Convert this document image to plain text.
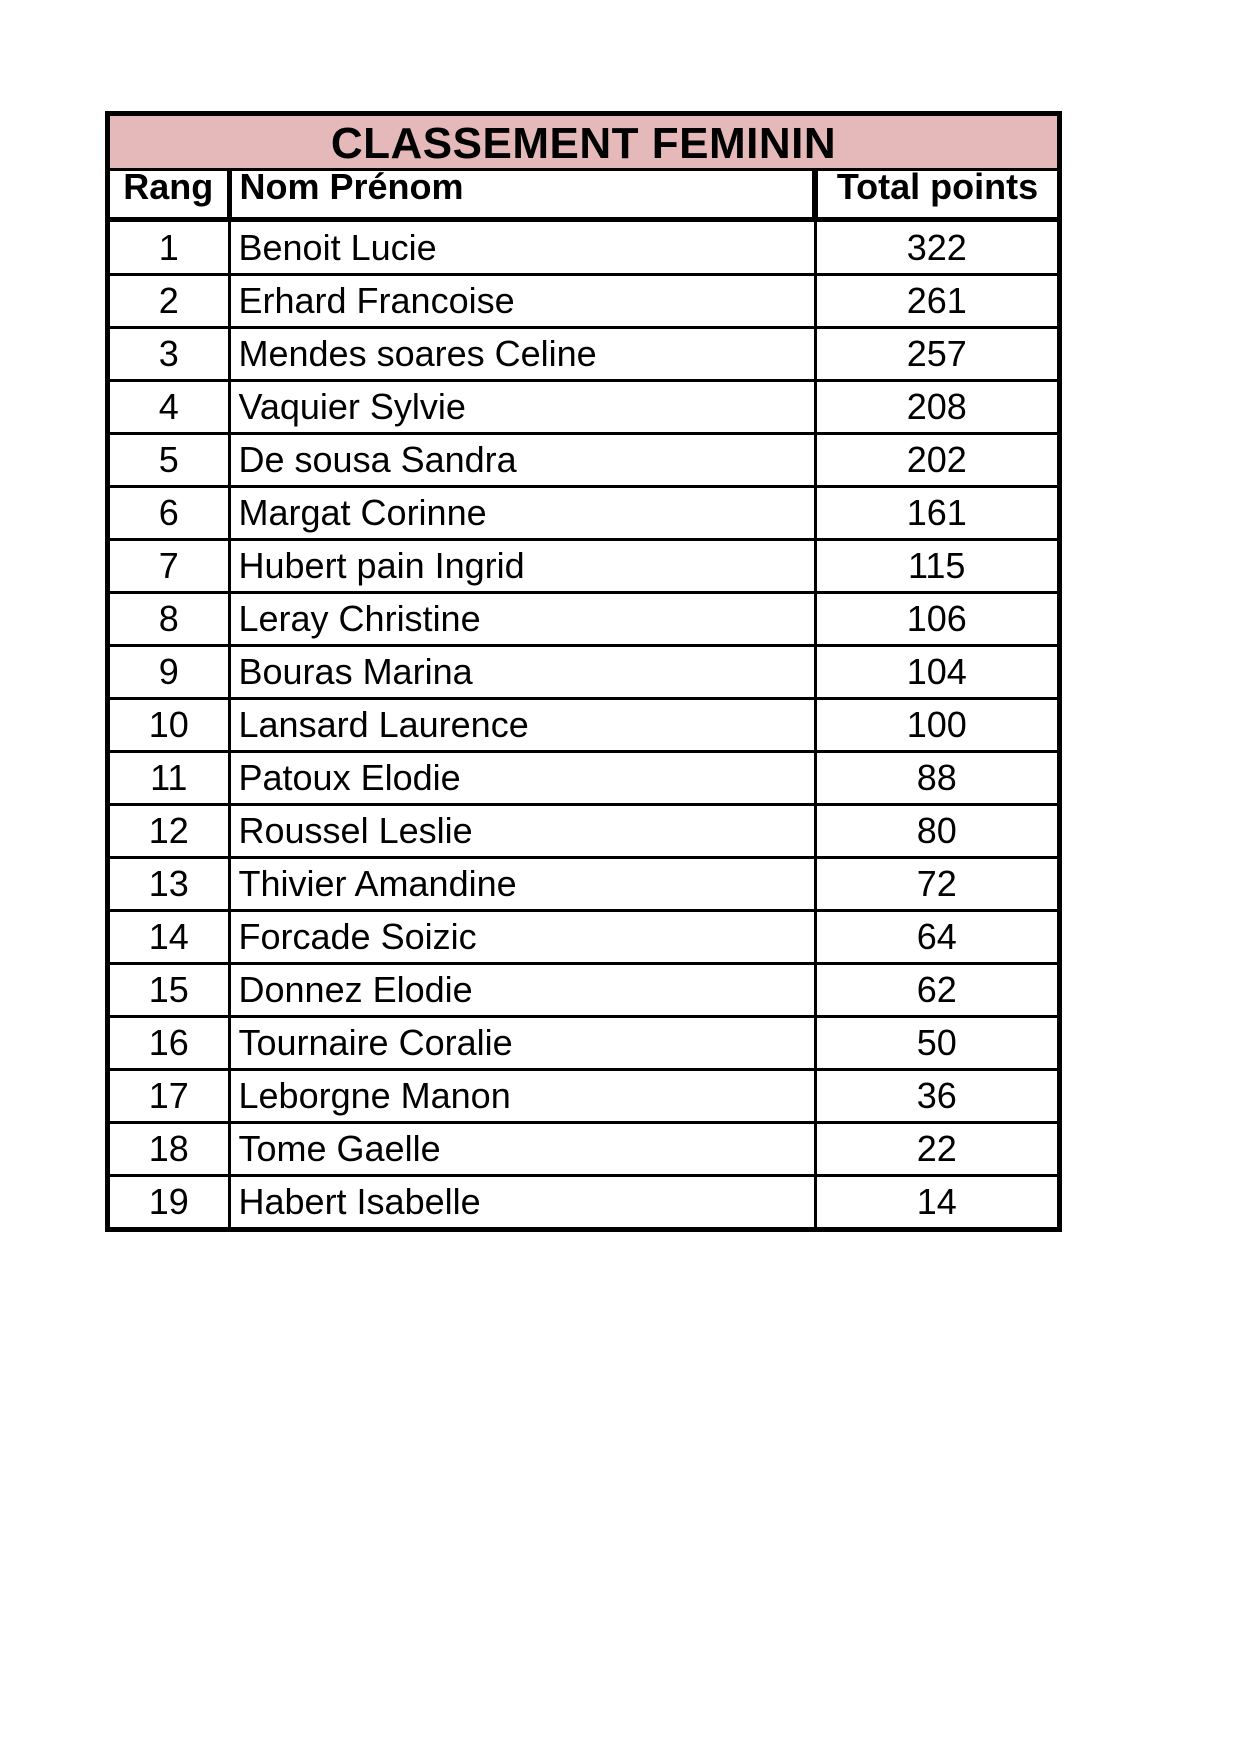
CLASSEMENT FEMININ
Rang	Nom Prénom	Total points
1	Benoit Lucie	322
2	Erhard Francoise	261
3	Mendes soares Celine	257
4	Vaquier Sylvie	208
5	De sousa Sandra	202
6	Margat Corinne	161
7	Hubert pain Ingrid	115
8	Leray Christine	106
9	Bouras Marina	104
10	Lansard Laurence	100
11	Patoux Elodie	88
12	Roussel Leslie	80
13	Thivier Amandine	72
14	Forcade Soizic	64
15	Donnez Elodie	62
16	Tournaire Coralie	50
17	Leborgne Manon	36
18	Tome Gaelle	22
19	Habert Isabelle	14
